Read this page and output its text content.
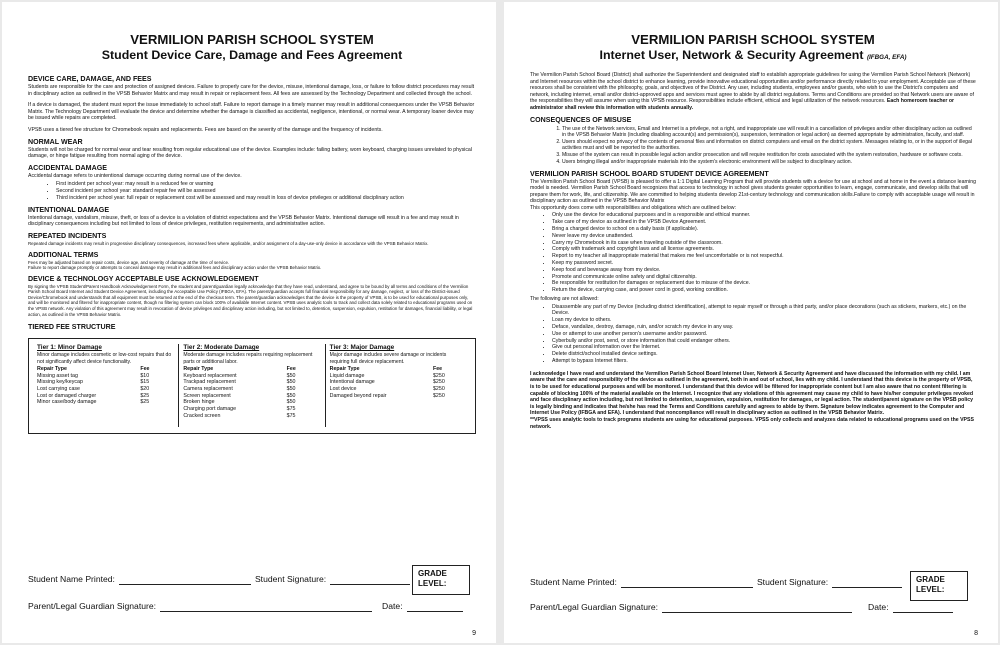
VERMILION PARISH SCHOOL SYSTEM
Student Device Care, Damage and Fees Agreement
DEVICE CARE, DAMAGE, AND FEES
Students are responsible for the care and protection of assigned devices. Failure to properly care for the device, misuse, intentional damage, loss, or failure to follow district procedures may result in disciplinary action as outlined in the VPSB Behavior Matrix and may result in repair or replacement fees. All fees are assessed by the Technology Department and collected through the school.
If a device is damaged, the student must report the issue immediately to school staff. Failure to report damage in a timely manner may result in additional consequences under the VPSB Behavior Matrix. The Technology Department will evaluate the device and determine whether the damage is classified as accidental, negligence, intentional, or normal wear. A temporary loaner device may be issued while repairs are completed.
VPSB uses a tiered fee structure for Chromebook repairs and replacements. Fees are based on the severity of the damage and the frequency of incidents.
NORMAL WEAR
Students will not be charged for normal wear and tear resulting from regular educational use of the device. Examples include: failing battery, worn keyboard, charging issues unrelated to physical damage, or hinge fatigue resulting from normal aging of the device.
ACCIDENTAL DAMAGE
Accidental damage refers to unintentional damage occurring during normal use of the device.
• First incident per school year: may result in a reduced fee or warning
• Second incident per school year: standard repair fee will be assessed
• Third incident per school year: full repair or replacement cost will be assessed and may result in loss of device privileges or additional disciplinary action
INTENTIONAL DAMAGE
Intentional damage, vandalism, misuse, theft, or loss of a device is a violation of district expectations and the VPSB Behavior Matrix. Intentional damage will result in a fee and may result in disciplinary consequences including but not limited to loss of device privileges, restitution requirements, and administrative action.
REPEATED INCIDENTS
Repeated damage incidents may result in progressive disciplinary consequences, increased fees where applicable, and/or assignment of a day-use-only device in accordance with the VPSB Behavior Matrix.
ADDITIONAL TERMS
Fees may be adjusted based on repair costs, device age, and severity of damage at the time of service.
Failure to report damage promptly or attempts to conceal damage may result in additional fees and disciplinary action under the VPSB Behavior Matrix.
DEVICE & TECHNOLOGY ACCEPTABLE USE ACKNOWLEDGEMENT
By signing the VPSB Student/Parent Handbook Acknowledgement Form, the student and parent/guardian legally acknowledge that they have read, understand, and agree to be bound by all terms and conditions of the Vermilion Parish School Board Internet and Student Device Agreement, including the Acceptable Use Policy (IFBGA, EFA). The parent/guardian accepts full financial responsibility for any damage, neglect, or loss of the District-issued Device/Chromebook and understands that all equipment must be returned at the end of the checkout term. The parent/guardian acknowledges that the device is the property of VPSB, is to be used for educational purposes only, and will be monitored and filtered for inappropriate content, though no filtering system can block 100% of available Internet content. VPSB uses analytic tools to track and collect data solely related to educational programs used on the VPSB network. Any violation of this agreement may result in revocation of device privileges and disciplinary action including, but not limited to, detention, suspension, expulsion, restitution for damages, financial liability, or legal action, as outlined in the VPSB Behavior Matrix.
TIERED FEE STRUCTURE
Tier 1: Minor Damage
Minor damage includes cosmetic or low-cost repairs that do not significantly affect device functionality.
Repair Type	Fee
Missing asset tag	$10
Missing key/keycap	$15
Lost carrying case	$20
Lost or damaged charger	$25
Minor case/body damage	$25
Tier 2: Moderate Damage
Moderate damage includes repairs requiring replacement parts or additional labor.
Repair Type	Fee
Keyboard replacement	$50
Trackpad replacement	$50
Camera replacement	$50
Screen replacement	$50
Broken hinge	$50
Charging port damage	$75
Cracked screen	$75
Tier 3: Major Damage
Major damage includes severe damage or incidents requiring full device replacement.
Repair Type	Fee
Liquid damage	$250
Intentional damage	$250
Lost device	$250
Damaged beyond repair	$250
Student Name Printed:	Student Signature:
Parent/Legal Guardian Signature:	Date:
GRADE
LEVEL:
9
VERMILION PARISH SCHOOL SYSTEM
Internet User, Network & Security Agreement (IFBGA, EFA)
The Vermilion Parish School Board (District) shall authorize the Superintendent and designated staff to establish appropriate guidelines for using the Vermilion Parish School Network (Network) and Internet resources within the school district to enhance learning, provide innovative educational opportunities and/or performance directly related to your employment. Acceptable use of these resources shall be consistent with the philosophy, goals, and objectives of the District. Any user, including students, employees and/or guests, who wish to use the District's computers and network, including internet, email and/or district-approved apps and services must agree to abide by all district regulations. Terms and Conditions are provided so that Network users are aware of the responsibilities they will assume when using this VPSB resource. Responsibilities include efficient, ethical and legal utilization of the network resources. Each homeroom teacher or administrator shall review this information with students annually.
CONSEQUENCES OF MISUSE
1. The use of the Network services, Email and Internet is a privilege, not a right, and inappropriate use will result in a cancellation of privileges and/or other disciplinary action as outlined in the VPSB Behavior Matrix (including disabling account(s) and permission(s), suspension, termination or legal action) as deemed appropriate by administration, faculty, and staff.
2. Users should expect no privacy of the contents of personal files and information on district computers and email on the district system. Messages relating to, or in the support of illegal activities must and will be reported to the authorities.
3. Misuse of the system can result in possible legal action and/or prosecution and will require restitution for costs associated with the system restoration, hardware or software costs.
4. Users bringing illegal and/or inappropriate materials into the system's electronic environment will be subject to disciplinary action.
VERMILION PARISH SCHOOL BOARD STUDENT DEVICE AGREEMENT
The Vermilion Parish School Board (VPSB) is pleased to offer a 1:1 Digital Learning Program that will provide students with a device for use at school and at home in the event a distance learning model is needed. Vermilion Parish School Board recognizes that access to technology in school gives students greater opportunities to learn, engage, communicate, and develop skills that will prepare them for work, life, and citizenship. We are committed to helping students develop 21st-century technology and communication skills.Failure to comply with acceptable usage will result in disciplinary action as outlined in the VPSB Behavior Matrix
This opportunity does come with responsibilities and obligations which are outlined below:
• Only use the device for educational purposes and in a responsible and ethical manner.
• Take care of my device as outlined in the VPSB Device Agreement.
• Bring a charged device to school on a daily basis (if applicable).
• Never leave my device unattended.
• Carry my Chromebook in its case when traveling outside of the classroom.
• Comply with trademark and copyright laws and all license agreements.
• Report to my teacher all inappropriate material that makes me feel uncomfortable or is not respectful.
• Keep my password secret.
• Keep food and beverage away from my device.
• Promote and communicate online safety and digital citizenship.
• Be responsible for restitution for damages or replacement due to misuse of the device.
• Return the device, carrying case, and power cord in good, working condition.
The following are not allowed:
• Disassemble any part of my Device (including district identification), attempt to repair myself or through a third party, and/or place decorations (such as stickers, markers, etc.) on the Device.
• Loan my device to others.
• Deface, vandalize, destroy, damage, ruin, and/or scratch my device in any way.
• Use or attempt to use another person's username and/or password.
• Cyberbully and/or post, send, or store information that could endanger others.
• Give out personal information over the Internet.
• Delete district/school installed device settings.
• Attempt to bypass Internet filters.
I acknowledge I have read and understand the Vermilion Parish School Board Internet User, Network & Security Agreement and have discussed the information with my child. I am aware that the care and responsibility of the device as outlined in the agreement, both in and out of school, lies with my child. I understand that this device is the property of VPSB, is to be used for educational purposes and will be monitored. I understand that this device will be filtered for inappropriate content but I am also aware that no content filtering is capable of blocking 100% of the material available on the Internet. I recognize that any violations of this agreement may cause my child to have his/her computer privileges revoked and face disciplinary action including, but not limited to detention, suspension, expulsion, restitution for damages, or legal action. The student/parent signature on the VPSB policy is legally binding and indicates that he/she has read the Terms and Conditions carefully and agrees to abide by them. Signature below indicates agreement to the Computer and Internet Use Policy (IFBGA and EFA). I understand that noncompliance will result in disciplinary action as outlined in the VPSB Behavior Matrix.
**VPSS uses analytic tools to track programs students are using for educational purposes. VPSS only collects and analyzes data related to educational programs used on the VPSS network.
Student Name Printed:	Student Signature:
Parent/Legal Guardian Signature:	Date:
GRADE
LEVEL:
8
